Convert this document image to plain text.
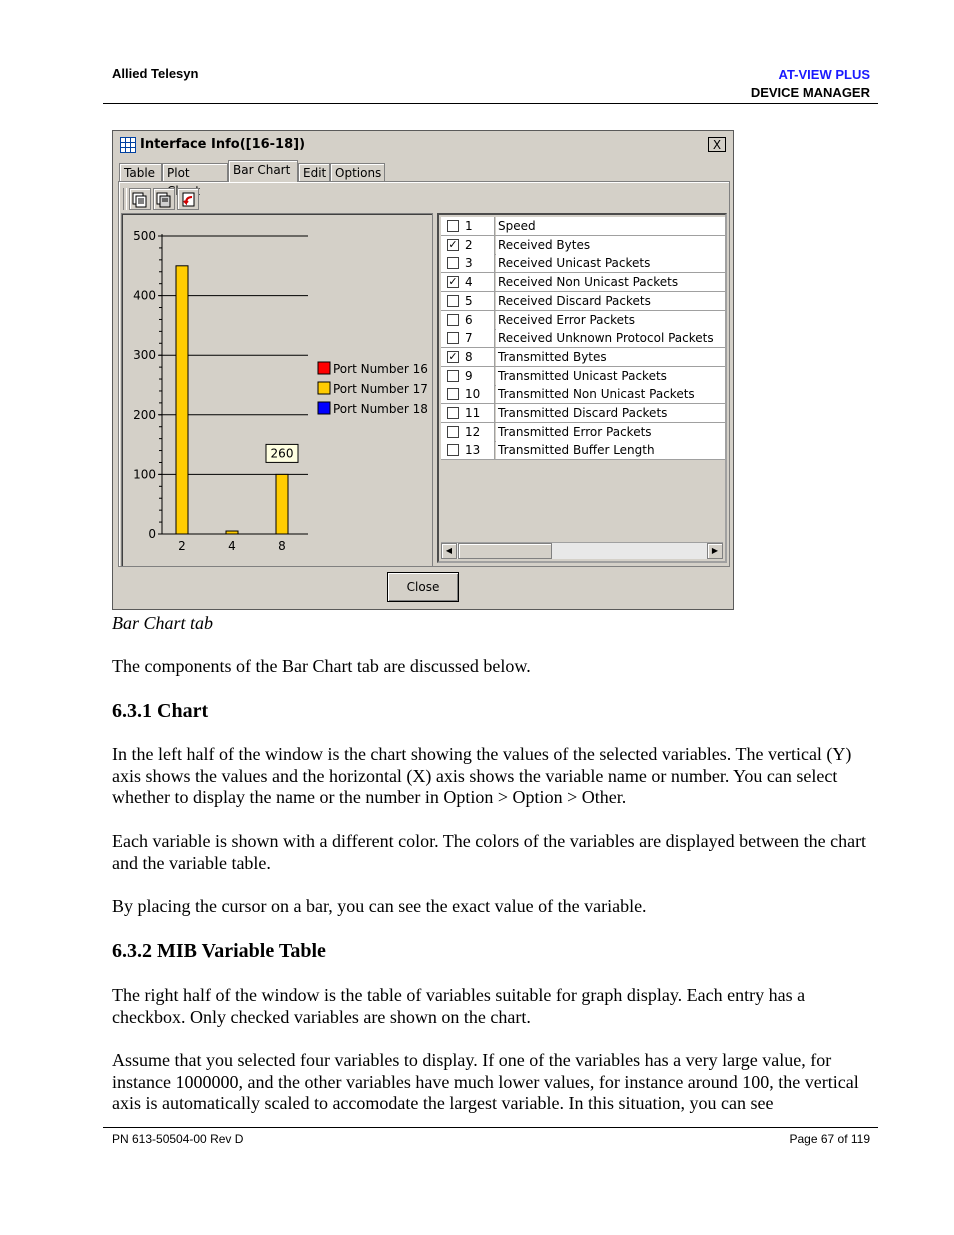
Allied Telesyn	AT-VIEW PLUS
DEVICE MANAGER
Interface Info([16-18])	X
Table Plot	Bar Chart	Edit Options
0
100
200
300
400
500
2	4	8
260
Port Number 16
Port Number 17
Port Number 18
1 Speed
✓ 2 Received Bytes
3 Received Unicast Packets
✓ 4 Received Non Unicast Packets
5 Received Discard Packets
6 Received Error Packets
7 Received Unknown Protocol Packets
✓ 8 Transmitted Bytes
9 Transmitted Unicast Packets
10 Transmitted Non Unicast Packets
11 Transmitted Discard Packets
12 Transmitted Error Packets
13 Transmitted Buffer Length
◀	▶
Close
Bar Chart tab
The components of the Bar Chart tab are discussed below.
6.3.1 Chart
In the left half of the window is the chart showing the values of the selected variables. The vertical (Y) axis shows the values and the horizontal (X) axis shows the variable name or number. You can select whether to display the name or the number in Option > Option > Other.
Each variable is shown with a different color. The colors of the variables are displayed between the chart and the variable table.
By placing the cursor on a bar, you can see the exact value of the variable.
6.3.2 MIB Variable Table
The right half of the window is the table of variables suitable for graph display. Each entry has a checkbox. Only checked variables are shown on the chart.
Assume that you selected four variables to display. If one of the variables has a very large value, for instance 1000000, and the other variables have much lower values, for instance around 100, the vertical axis is automatically scaled to accomodate the largest variable. In this situation, you can see
PN 613-50504-00 Rev D	Page 67 of 119
